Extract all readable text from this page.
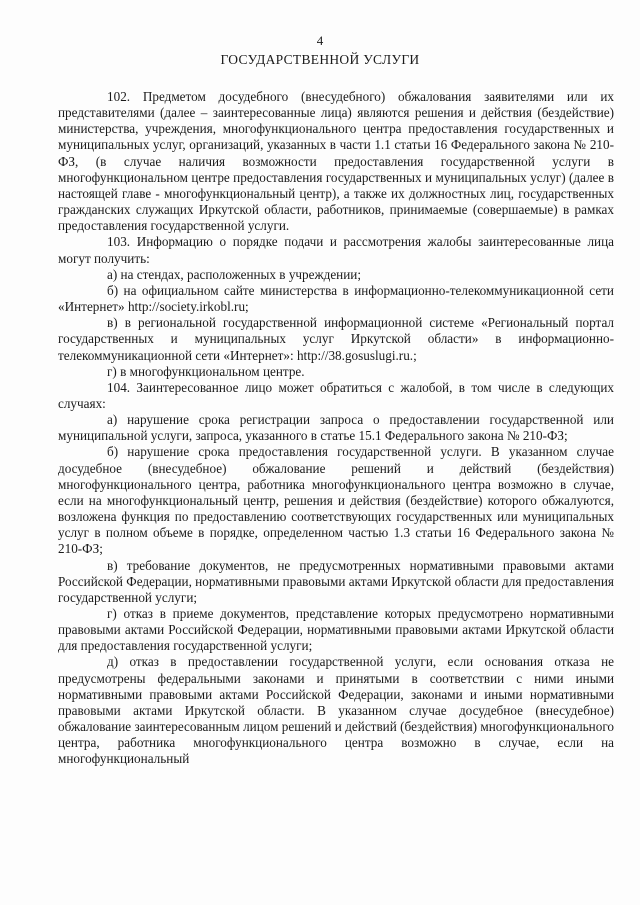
4
ГОСУДАРСТВЕННОЙ УСЛУГИ

102. Предметом досудебного (внесудебного) обжалования заявителями или их представителями (далее – заинтересованные лица) являются решения и действия (бездействие) министерства, учреждения, многофункционального центра предоставления государственных и муниципальных услуг, организаций, указанных в части 1.1 статьи 16 Федерального закона № 210-ФЗ, (в случае наличия возможности предоставления государственной услуги в многофункциональном центре предоставления государственных и муниципальных услуг) (далее в настоящей главе - многофункциональный центр), а также их должностных лиц, государственных гражданских служащих Иркутской области, работников, принимаемые (совершаемые) в рамках предоставления государственной услуги.

103. Информацию о порядке подачи и рассмотрения жалобы заинтересованные лица могут получить:

а) на стендах, расположенных в учреждении;

б) на официальном сайте министерства в информационно-телекоммуникационной сети «Интернет» http://society.irkobl.ru;

в) в региональной государственной информационной системе «Региональный портал государственных и муниципальных услуг Иркутской области» в информационно-телекоммуникационной сети «Интернет»: http://38.gosuslugi.ru.;

г) в многофункциональном центре.

104. Заинтересованное лицо может обратиться с жалобой, в том числе в следующих случаях:

а) нарушение срока регистрации запроса о предоставлении государственной или муниципальной услуги, запроса, указанного в статье 15.1 Федерального закона № 210-ФЗ;

б) нарушение срока предоставления государственной услуги. В указанном случае досудебное (внесудебное) обжалование решений и действий (бездействия) многофункционального центра, работника многофункционального центра возможно в случае, если на многофункциональный центр, решения и действия (бездействие) которого обжалуются, возложена функция по предоставлению соответствующих государственных или муниципальных услуг в полном объеме в порядке, определенном частью 1.3 статьи 16 Федерального закона № 210-ФЗ;

в) требование документов, не предусмотренных нормативными правовыми актами Российской Федерации, нормативными правовыми актами Иркутской области для предоставления государственной услуги;

г) отказ в приеме документов, представление которых предусмотрено нормативными правовыми актами Российской Федерации, нормативными правовыми актами Иркутской области для предоставления государственной услуги;

д) отказ в предоставлении государственной услуги, если основания отказа не предусмотрены федеральными законами и принятыми в соответствии с ними иными нормативными правовыми актами Российской Федерации, законами и иными нормативными правовыми актами Иркутской области. В указанном случае досудебное (внесудебное) обжалование заинтересованным лицом решений и действий (бездействия) многофункционального центра, работника многофункционального центра возможно в случае, если на многофункциональный
